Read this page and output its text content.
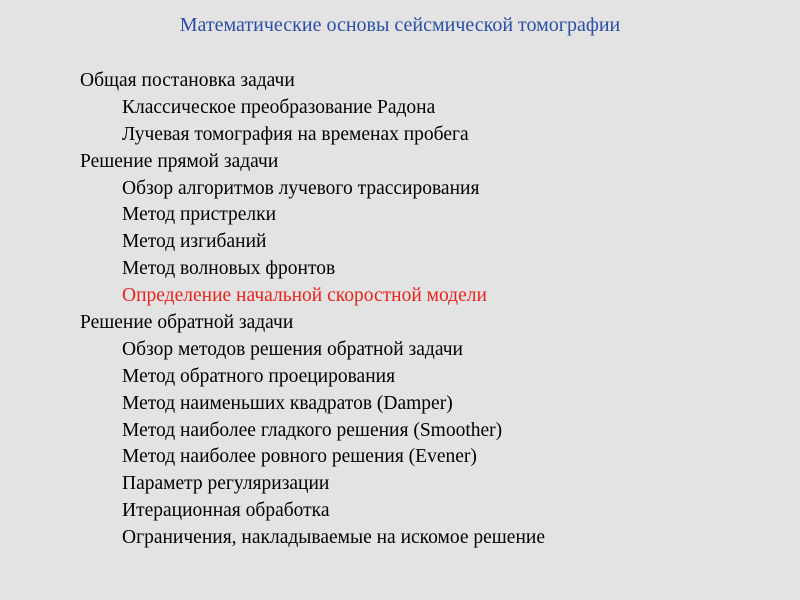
Математические основы сейсмической томографии
Общая постановка задачи
Классическое преобразование Радона
Лучевая томография на временах пробега
Решение прямой задачи
Обзор алгоритмов лучевого трассирования
Метод пристрелки
Метод изгибаний
Метод волновых фронтов
Определение начальной скоростной модели
Решение обратной задачи
Обзор методов решения обратной задачи
Метод обратного проецирования
Метод наименьших квадратов (Damper)
Метод наиболее гладкого решения (Smoother)
Метод наиболее ровного решения (Evener)
Параметр регуляризации
Итерационная обработка
Ограничения, накладываемые на искомое решение
